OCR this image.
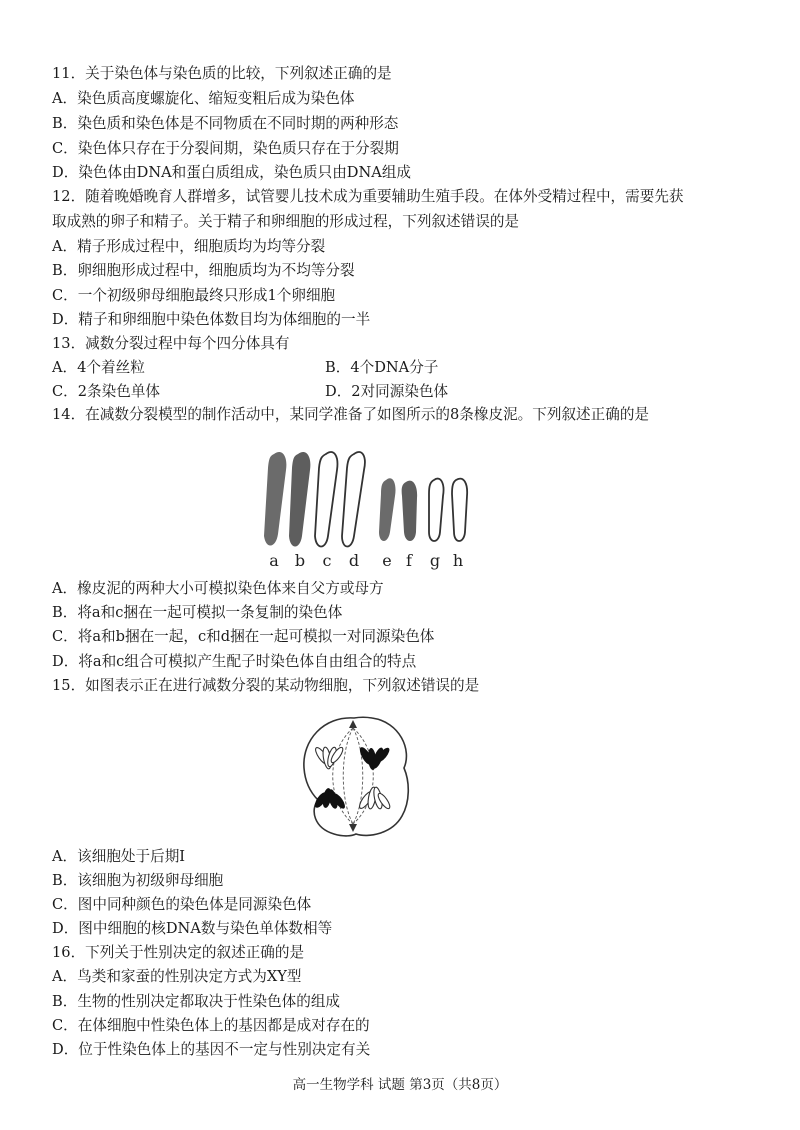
11．关于染色体与染色质的比较，下列叙述正确的是
A．染色质高度螺旋化、缩短变粗后成为染色体
B．染色质和染色体是不同物质在不同时期的两种形态
C．染色体只存在于分裂间期，染色质只存在于分裂期
D．染色体由DNA和蛋白质组成，染色质只由DNA组成
12．随着晚婚晚育人群增多，试管婴儿技术成为重要辅助生殖手段。在体外受精过程中，需要先获
取成熟的卵子和精子。关于精子和卵细胞的形成过程，下列叙述错误的是
A．精子形成过程中，细胞质均为均等分裂
B．卵细胞形成过程中，细胞质均为不均等分裂
C．一个初级卵母细胞最终只形成1个卵细胞
D．精子和卵细胞中染色体数目均为体细胞的一半
13．减数分裂过程中每个四分体具有
A．4个着丝粒	B．4个DNA分子
C．2条染色单体	D．2对同源染色体
14．在减数分裂模型的制作活动中，某同学准备了如图所示的8条橡皮泥。下列叙述正确的是
a b c d e f g h
A．橡皮泥的两种大小可模拟染色体来自父方或母方
B．将a和c捆在一起可模拟一条复制的染色体
C．将a和b捆在一起，c和d捆在一起可模拟一对同源染色体
D．将a和c组合可模拟产生配子时染色体自由组合的特点
15．如图表示正在进行减数分裂的某动物细胞，下列叙述错误的是
A．该细胞处于后期Ⅰ
B．该细胞为初级卵母细胞
C．图中同种颜色的染色体是同源染色体
D．图中细胞的核DNA数与染色单体数相等
16．下列关于性别决定的叙述正确的是
A．鸟类和家蚕的性别决定方式为XY型
B．生物的性别决定都取决于性染色体的组成
C．在体细胞中性染色体上的基因都是成对存在的
D．位于性染色体上的基因不一定与性别决定有关
高一生物学科 试题 第3页（共8页）
